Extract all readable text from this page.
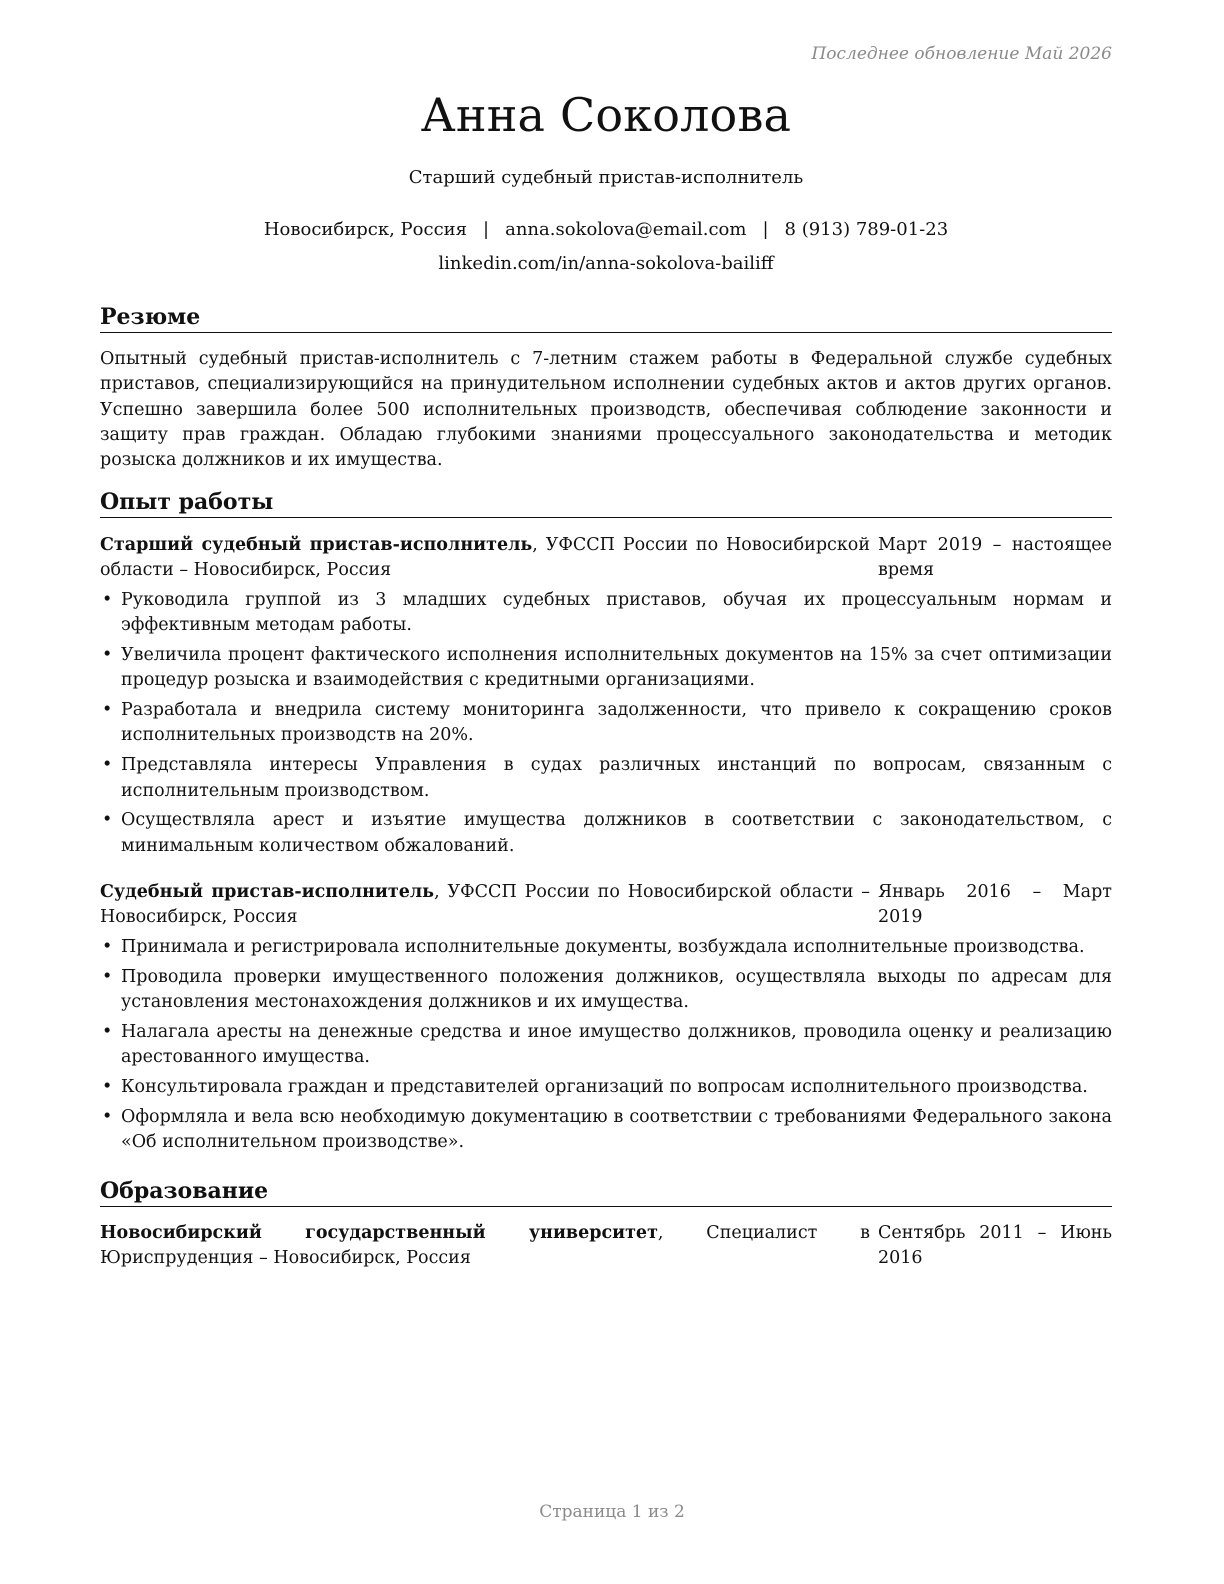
Последнее обновление Май 2026
Анна Соколова
Старший судебный пристав-исполнитель
Новосибирск, Россия | anna.sokolova@email.com | 8 (913) 789-01-23
linkedin.com/in/anna-sokolova-bailiff
Резюме
Опытный судебный пристав-исполнитель с 7-летним стажем работы в Федеральной службе судебных приставов, специализирующийся на принудительном исполнении судебных актов и актов других органов. Успешно завершила более 500 исполнительных производств, обеспечивая соблюдение законности и защиту прав граждан. Обладаю глубокими знаниями процессуального законодательства и методик розыска должников и их имущества.
Опыт работы
Старший судебный пристав-исполнитель, УФССП России по Новосибирской области – Новосибирск, Россия
Март 2019 – настоящее время
• Руководила группой из 3 младших судебных приставов, обучая их процессуальным нормам и эффективным методам работы.
• Увеличила процент фактического исполнения исполнительных документов на 15% за счет оптимизации процедур розыска и взаимодействия с кредитными организациями.
• Разработала и внедрила систему мониторинга задолженности, что привело к сокращению сроков исполнительных производств на 20%.
• Представляла интересы Управления в судах различных инстанций по вопросам, связанным с исполнительным производством.
• Осуществляла арест и изъятие имущества должников в соответствии с законодательством, с минимальным количеством обжалований.
Судебный пристав-исполнитель, УФССП России по Новосибирской области – Новосибирск, Россия
Январь 2016 – Март 2019
• Принимала и регистрировала исполнительные документы, возбуждала исполнительные производства.
• Проводила проверки имущественного положения должников, осуществляла выходы по адресам для установления местонахождения должников и их имущества.
• Налагала аресты на денежные средства и иное имущество должников, проводила оценку и реализацию арестованного имущества.
• Консультировала граждан и представителей организаций по вопросам исполнительного производства.
• Оформляла и вела всю необходимую документацию в соответствии с требованиями Федерального закона «Об исполнительном производстве».
Образование
Новосибирский государственный университет, Специалист в Юриспруденция – Новосибирск, Россия
Сентябрь 2011 – Июнь 2016
Страница 1 из 2
